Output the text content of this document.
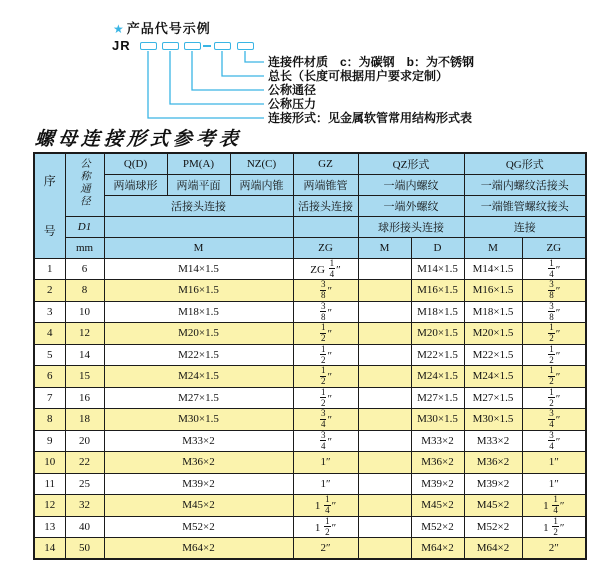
★ 产品代号示例
JR
连接件材质　c：为碳钢　b：为不锈钢
总长（长度可根据用户要求定制）
公称通径
公称压力
连接形式：见金属软管常用结构形式表
螺母连接形式参考表
序
号	公称通径	Q(D)	PM(A)	NZ(C)	GZ	QZ形式		QG形式	
		两端球形	两端平面	两端内锥	两端锥管	一端内螺纹		一端内螺纹活接头	
		活接头连接			活接头连接	一端外螺纹		一端锥管螺纹接头	
	D1					球形接头连接		连接	
	mm	M			ZG	M	D	M	ZG
1	6	M14×1.5			ZG $\frac{1}{4}$ ″		M14×1.5	M14×1.5	$\frac{1}{4}$ ″
2	8	M16×1.5			$\frac{3}{8}$ ″		M16×1.5	M16×1.5	$\frac{3}{8}$ ″
3	10	M18×1.5			$\frac{3}{8}$ ″		M18×1.5	M18×1.5	$\frac{3}{8}$ ″
4	12	M20×1.5			$\frac{1}{2}$ ″		M20×1.5	M20×1.5	$\frac{1}{2}$ ″
5	14	M22×1.5			$\frac{1}{2}$ ″		M22×1.5	M22×1.5	$\frac{1}{2}$ ″
6	15	M24×1.5			$\frac{1}{2}$ ″		M24×1.5	M24×1.5	$\frac{1}{2}$ ″
7	16	M27×1.5			$\frac{1}{2}$ ″		M27×1.5	M27×1.5	$\frac{1}{2}$ ″
8	18	M30×1.5			$\frac{3}{4}$ ″		M30×1.5	M30×1.5	$\frac{3}{4}$ ″
9	20	M33×2			$\frac{3}{4}$ ″		M33×2	M33×2	$\frac{3}{4}$ ″
10	22	M36×2			1″		M36×2	M36×2	1″
11	25	M39×2			1″		M39×2	M39×2	1″
12	32	M45×2			$1 \frac{1}{4}$ ″		M45×2	M45×2	$1 \frac{1}{4}$ ″
13	40	M52×2			$1 \frac{1}{2}$ ″		M52×2	M52×2	$1 \frac{1}{2}$ ″
14	50	M64×2			2″		M64×2	M64×2	2″
